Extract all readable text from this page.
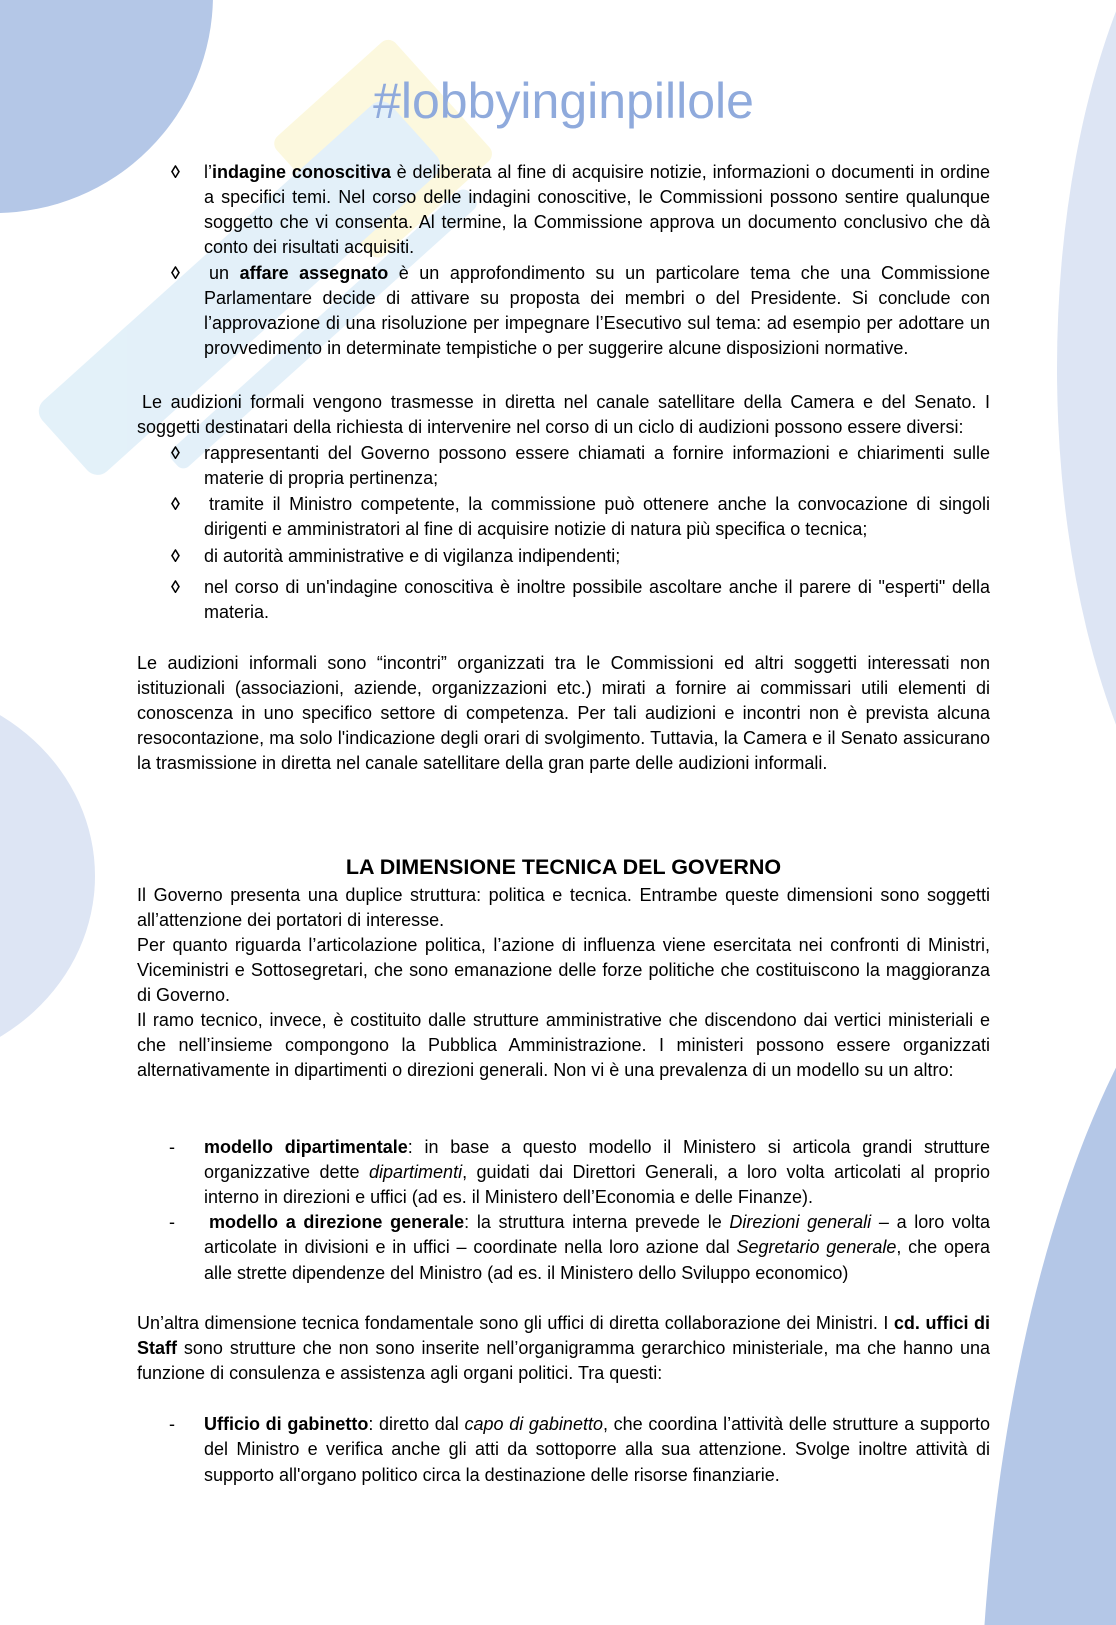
#lobbyinginpillole
◊ l’indagine conoscitiva è deliberata al fine di acquisire notizie, informazioni o documenti in ordine a specifici temi. Nel corso delle indagini conoscitive, le Commissioni possono sentire qualunque soggetto che vi consenta. Al termine, la Commissione approva un documento conclusivo che dà conto dei risultati acquisiti.
◊ un affare assegnato è un approfondimento su un particolare tema che una Commissione Parlamentare decide di attivare su proposta dei membri o del Presidente. Si conclude con l’approvazione di una risoluzione per impegnare l’Esecutivo sul tema: ad esempio per adottare un provvedimento in determinate tempistiche o per suggerire alcune disposizioni normative.
Le audizioni formali vengono trasmesse in diretta nel canale satellitare della Camera e del Senato. I soggetti destinatari della richiesta di intervenire nel corso di un ciclo di audizioni possono essere diversi:
◊ rappresentanti del Governo possono essere chiamati a fornire informazioni e chiarimenti sulle materie di propria pertinenza;
◊ tramite il Ministro competente, la commissione può ottenere anche la convocazione di singoli dirigenti e amministratori al fine di acquisire notizie di natura più specifica o tecnica;
◊ di autorità amministrative e di vigilanza indipendenti;
◊ nel corso di un'indagine conoscitiva è inoltre possibile ascoltare anche il parere di "esperti" della materia.
Le audizioni informali sono “incontri” organizzati tra le Commissioni ed altri soggetti interessati non istituzionali (associazioni, aziende, organizzazioni etc.) mirati a fornire ai commissari utili elementi di conoscenza in uno specifico settore di competenza. Per tali audizioni e incontri non è prevista alcuna resocontazione, ma solo l'indicazione degli orari di svolgimento. Tuttavia, la Camera e il Senato assicurano la trasmissione in diretta nel canale satellitare della gran parte delle audizioni informali.
LA DIMENSIONE TECNICA DEL GOVERNO
Il Governo presenta una duplice struttura: politica e tecnica. Entrambe queste dimensioni sono soggetti all’attenzione dei portatori di interesse.
Per quanto riguarda l’articolazione politica, l’azione di influenza viene esercitata nei confronti di Ministri, Viceministri e Sottosegretari, che sono emanazione delle forze politiche che costituiscono la maggioranza di Governo.
Il ramo tecnico, invece, è costituito dalle strutture amministrative che discendono dai vertici ministeriali e che nell’insieme compongono la Pubblica Amministrazione. I ministeri possono essere organizzati alternativamente in dipartimenti o direzioni generali. Non vi è una prevalenza di un modello su un altro:
- modello dipartimentale: in base a questo modello il Ministero si articola grandi strutture organizzative dette dipartimenti, guidati dai Direttori Generali, a loro volta articolati al proprio interno in direzioni e uffici (ad es. il Ministero dell’Economia e delle Finanze).
- modello a direzione generale: la struttura interna prevede le Direzioni generali – a loro volta articolate in divisioni e in uffici – coordinate nella loro azione dal Segretario generale, che opera alle strette dipendenze del Ministro (ad es. il Ministero dello Sviluppo economico)
Un’altra dimensione tecnica fondamentale sono gli uffici di diretta collaborazione dei Ministri. I cd. uffici di Staff sono strutture che non sono inserite nell’organigramma gerarchico ministeriale, ma che hanno una funzione di consulenza e assistenza agli organi politici. Tra questi:
- Ufficio di gabinetto: diretto dal capo di gabinetto, che coordina l’attività delle strutture a supporto del Ministro e verifica anche gli atti da sottoporre alla sua attenzione. Svolge inoltre attività di supporto all'organo politico circa la destinazione delle risorse finanziarie.
